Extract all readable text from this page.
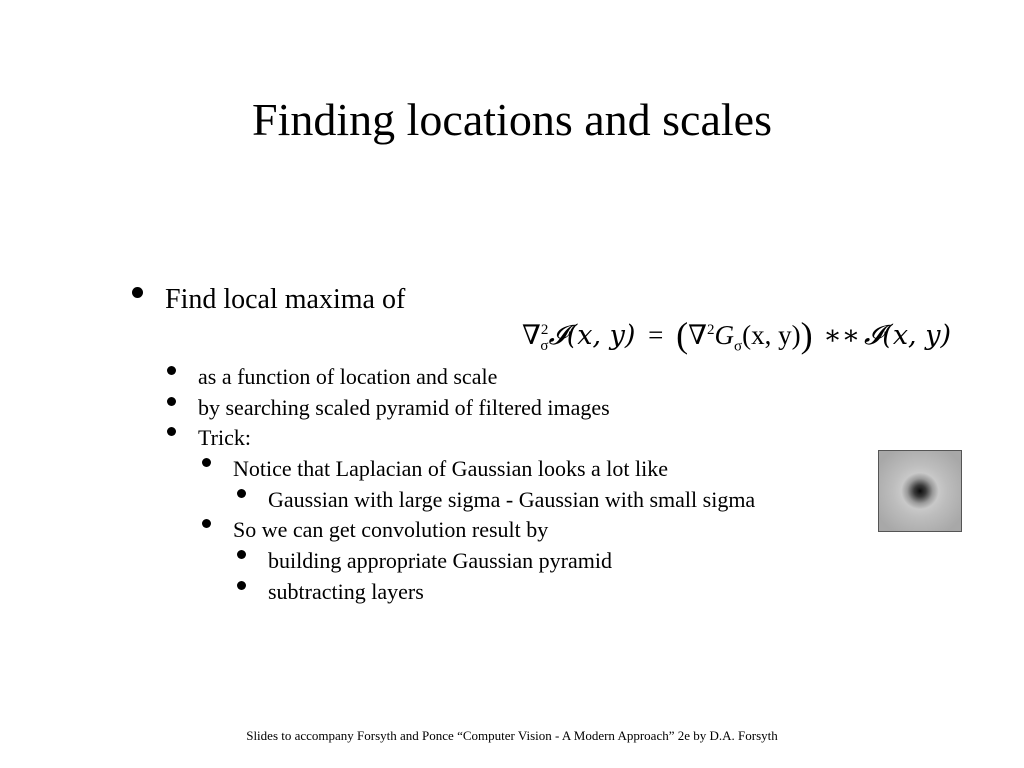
Finding locations and scales
Find local maxima of
∇$^2_\sigma$𝓘(x, $y) = (\nabla^2G_\sigma(x$, y)) ∗∗ 𝓘(x, y)
as a function of location and scale
by searching scaled pyramid of filtered images
Trick:
Notice that Laplacian of Gaussian looks a lot like
Gaussian with large sigma - Gaussian with small sigma
So we can get convolution result by
building appropriate Gaussian pyramid
subtracting layers
Slides to accompany Forsyth and Ponce “Computer Vision - A Modern Approach” 2e by D.A. Forsyth
